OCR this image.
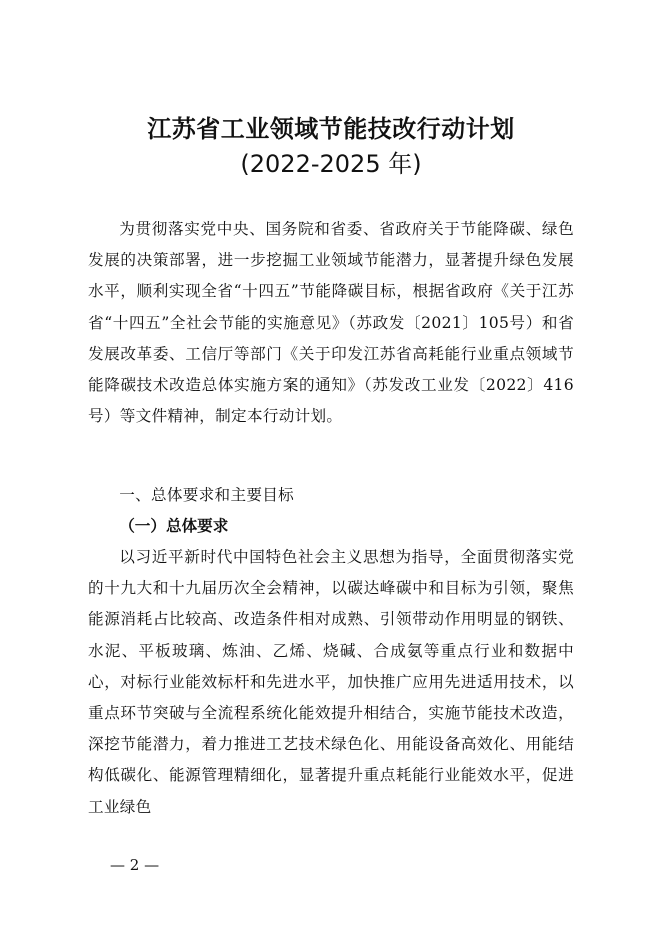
江苏省工业领域节能技改行动计划
(2022-2025 年)

为贯彻落实党中央、国务院和省委、省政府关于节能降碳、绿色发展的决策部署，进一步挖掘工业领域节能潜力，显著提升绿色发展水平，顺利实现全省“十四五”节能降碳目标，根据省政府《关于江苏省“十四五”全社会节能的实施意见》（苏政发〔2021〕105号）和省发展改革委、工信厅等部门《关于印发江苏省高耗能行业重点领域节能降碳技术改造总体实施方案的通知》（苏发改工业发〔2022〕416号）等文件精神，制定本行动计划。

一、总体要求和主要目标

（一）总体要求

以习近平新时代中国特色社会主义思想为指导，全面贯彻落实党的十九大和十九届历次全会精神，以碳达峰碳中和目标为引领，聚焦能源消耗占比较高、改造条件相对成熟、引领带动作用明显的钢铁、水泥、平板玻璃、炼油、乙烯、烧碱、合成氨等重点行业和数据中心，对标行业能效标杆和先进水平，加快推广应用先进适用技术，以重点环节突破与全流程系统化能效提升相结合，实施节能技术改造，深挖节能潜力，着力推进工艺技术绿色化、用能设备高效化、用能结构低碳化、能源管理精细化，显著提升重点耗能行业能效水平，促进工业绿色

— 2 —
